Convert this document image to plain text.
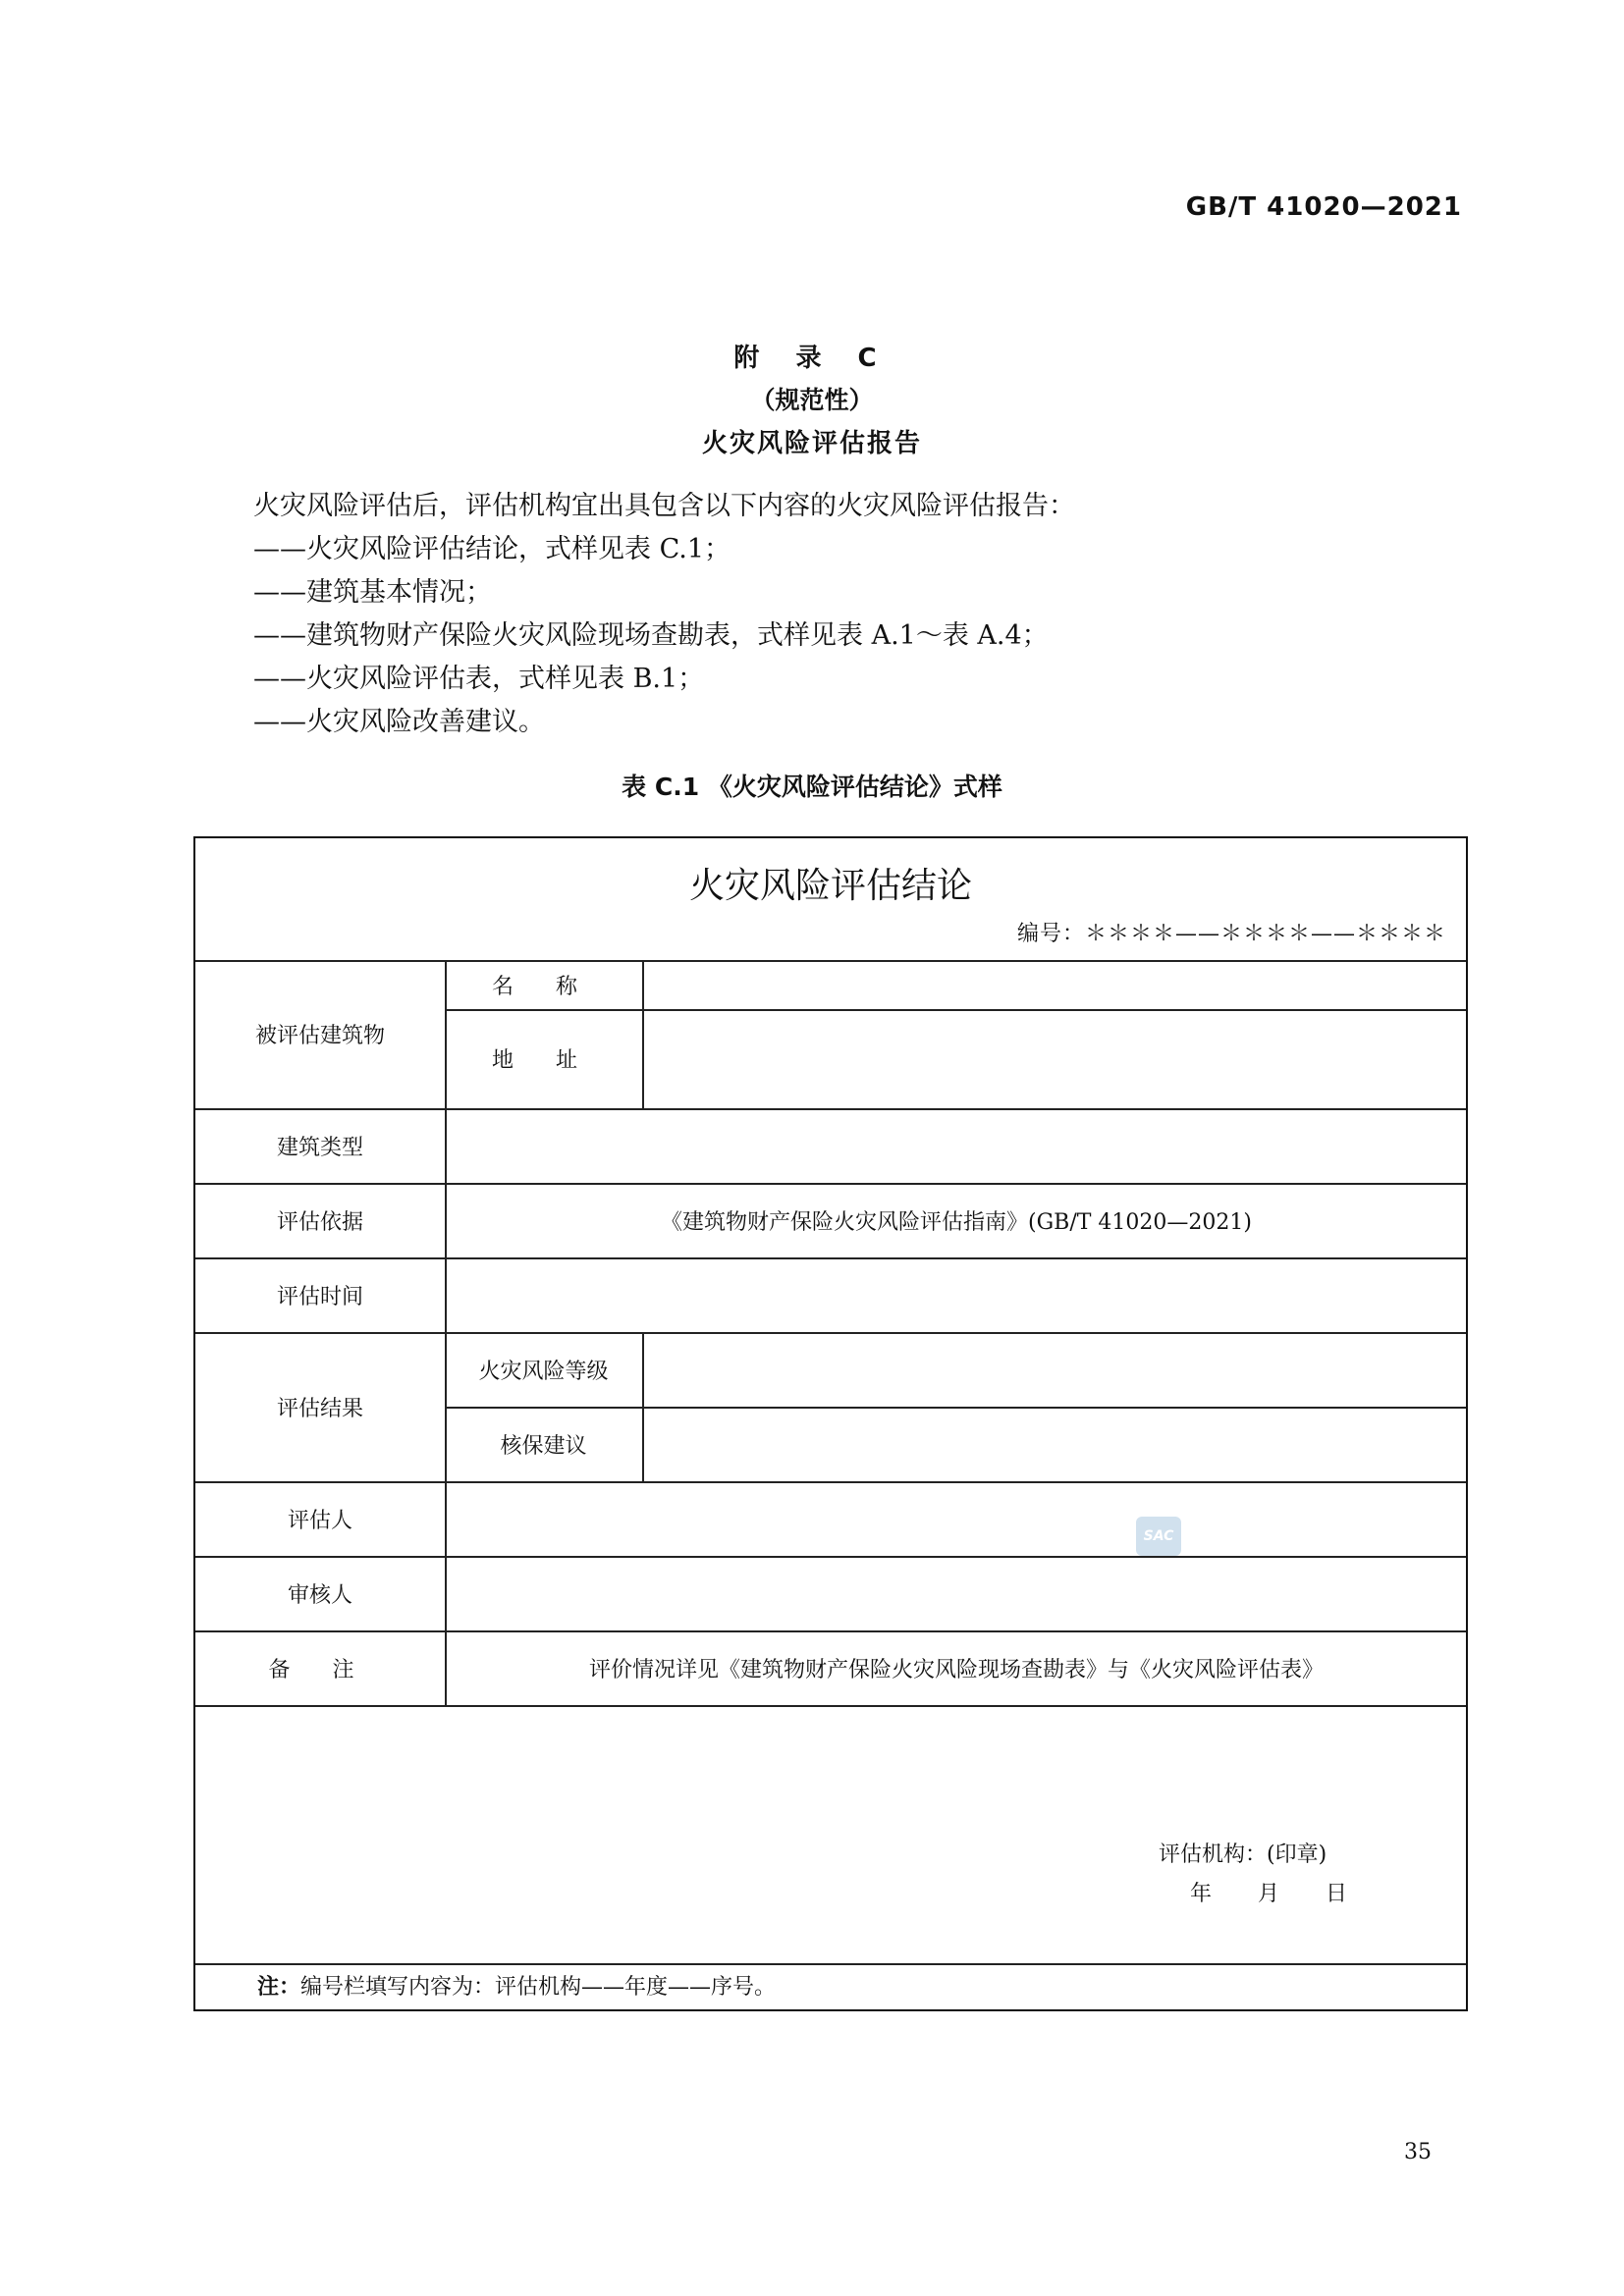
GB/T 41020—2021
附 录 C
（规范性）
火灾风险评估报告
火灾风险评估后，评估机构宜出具包含以下内容的火灾风险评估报告：
——火灾风险评估结论，式样见表 C.1；
——建筑基本情况；
——建筑物财产保险火灾风险现场查勘表，式样见表 A.1～表 A.4；
——火灾风险评估表，式样见表 B.1；
——火灾风险改善建议。
表 C.1 《火灾风险评估结论》式样
火灾风险评估结论
编号：＊＊＊＊——＊＊＊＊——＊＊＊＊
被评估建筑物
名 称
地 址
建筑类型
评估依据	《建筑物财产保险火灾风险评估指南》(GB/T 41020—2021)
评估时间
评估结果
火灾风险等级
核保建议
评估人
审核人
备 注	评价情况详见《建筑物财产保险火灾风险现场查勘表》与《火灾风险评估表》
SAC
评估机构：(印章)
年 月 日
注：编号栏填写内容为：评估机构——年度——序号。
35
